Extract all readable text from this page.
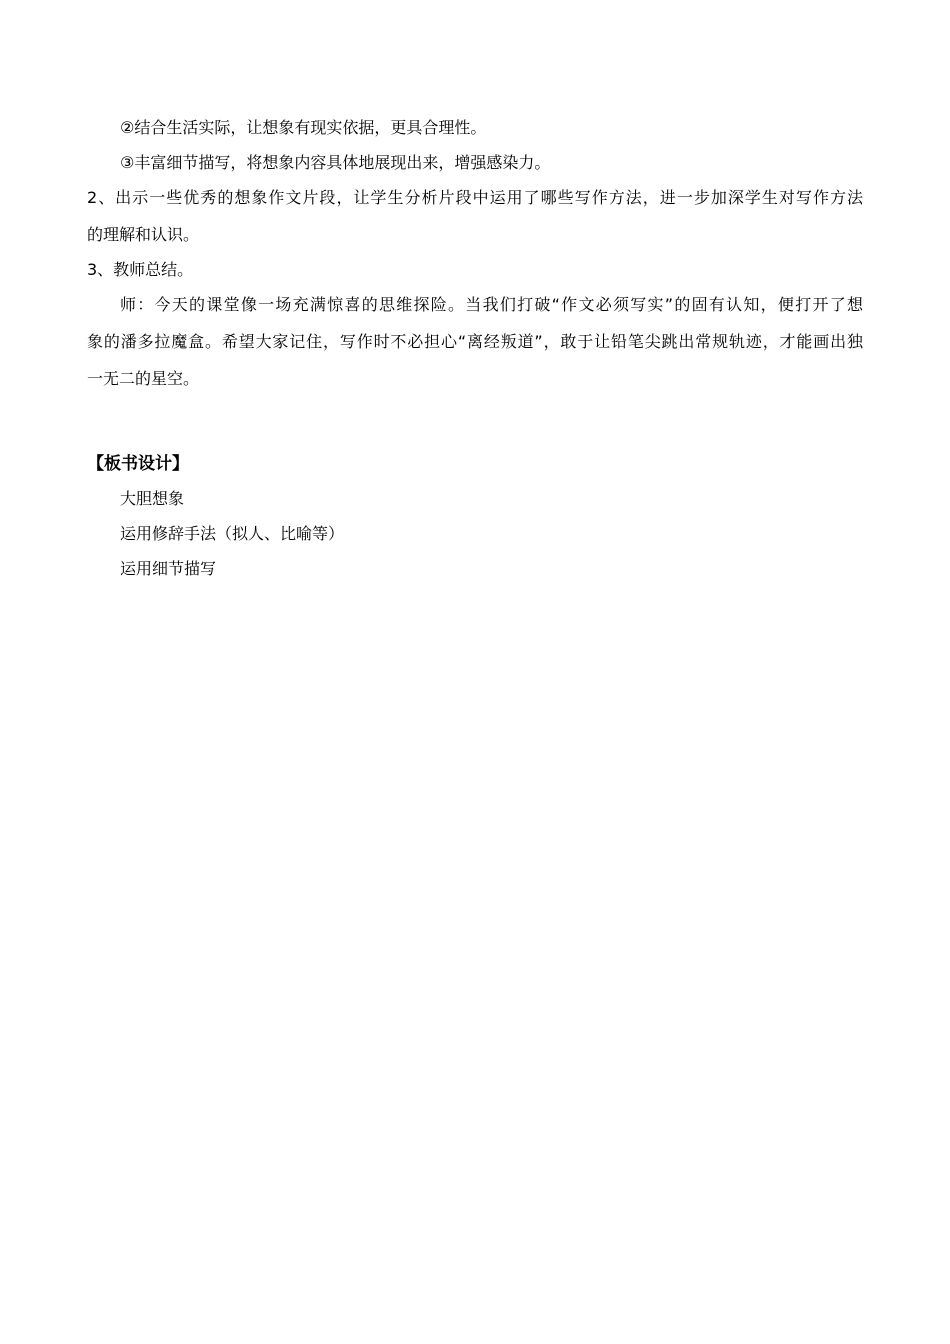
②结合生活实际，让想象有现实依据，更具合理性。
③丰富细节描写，将想象内容具体地展现出来，增强感染力。
2、出示一些优秀的想象作文片段，让学生分析片段中运用了哪些写作方法，进一步加深学生对写作方法
的理解和认识。
3、教师总结。
师：今天的课堂像一场充满惊喜的思维探险。当我们打破“作文必须写实”的固有认知，便打开了想
象的潘多拉魔盒。希望大家记住，写作时不必担心“离经叛道”，敢于让铅笔尖跳出常规轨迹，才能画出独
一无二的星空。
【板书设计】
大胆想象
运用修辞手法（拟人、比喻等）
运用细节描写
